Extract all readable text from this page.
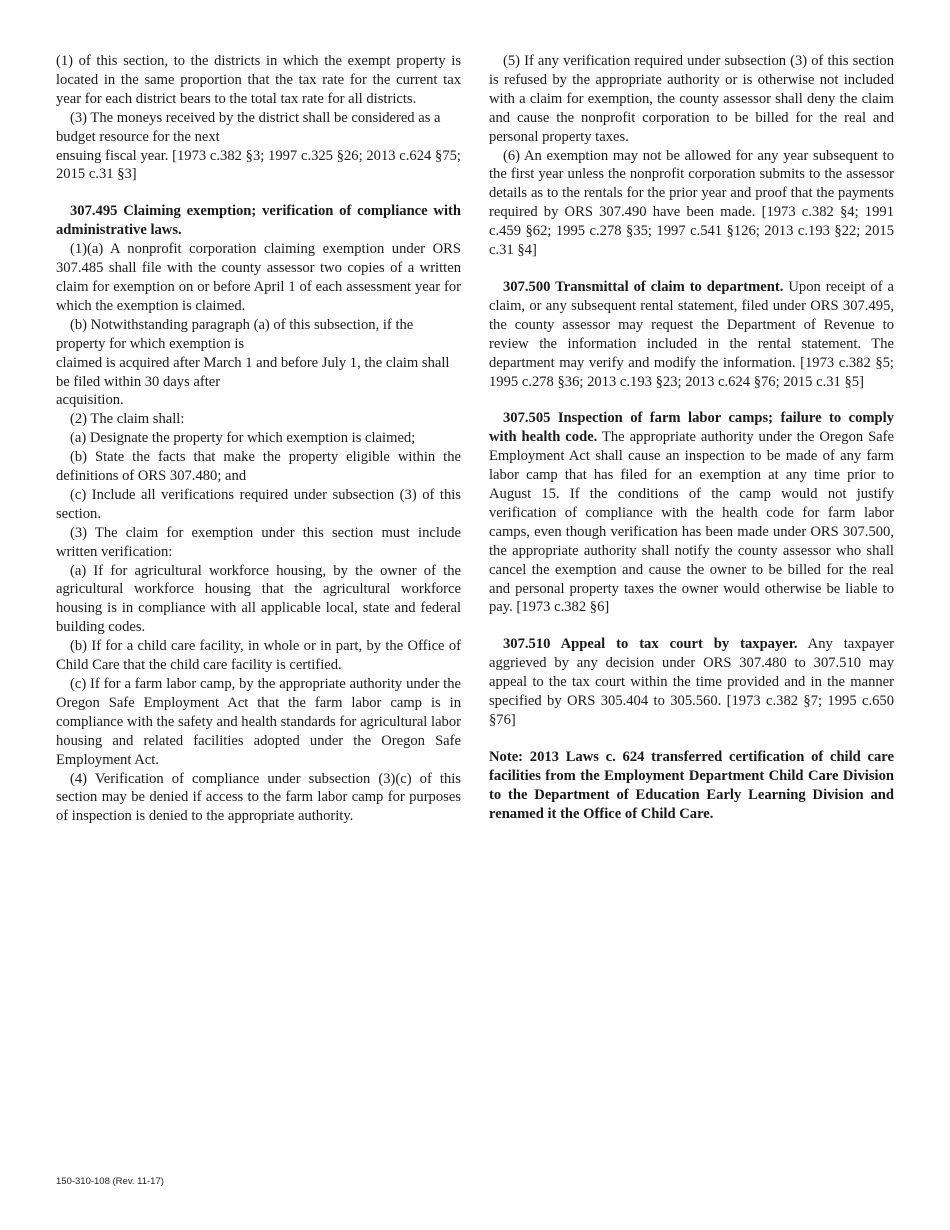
(1) of this section, to the districts in which the exempt property is located in the same proportion that the tax rate for the current tax year for each district bears to the total tax rate for all districts.

(3) The moneys received by the district shall be considered as a budget resource for the next

ensuing fiscal year. [1973 c.382 §3; 1997 c.325 §26; 2013 c.624 §75; 2015 c.31 §3]

307.495 Claiming exemption; verification of compliance with administrative laws.

(1)(a) A nonprofit corporation claiming exemption under ORS 307.485 shall file with the county assessor two copies of a written claim for exemption on or before April 1 of each assessment year for which the exemption is claimed.

(b) Notwithstanding paragraph (a) of this subsection, if the property for which exemption is

claimed is acquired after March 1 and before July 1, the claim shall be filed within 30 days after

acquisition.

(2) The claim shall:

(a) Designate the property for which exemption is claimed;

(b) State the facts that make the property eligible within the definitions of ORS 307.480; and

(c) Include all verifications required under subsection (3) of this section.

(3) The claim for exemption under this section must include written verification:

(a) If for agricultural workforce housing, by the owner of the agricultural workforce housing that the agricultural workforce housing is in compliance with all applicable local, state and federal building codes.

(b) If for a child care facility, in whole or in part, by the Office of Child Care that the child care facility is certified.

(c) If for a farm labor camp, by the appropriate authority under the Oregon Safe Employment Act that the farm labor camp is in compliance with the safety and health standards for agricultural labor housing and related facilities adopted under the Oregon Safe Employment Act.

(4) Verification of compliance under subsection (3)(c) of this section may be denied if access to the farm labor camp for purposes of inspection is denied to the appropriate authority.

(5) If any verification required under subsection (3) of this section is refused by the appropriate authority or is otherwise not included with a claim for exemption, the county assessor shall deny the claim and cause the nonprofit corporation to be billed for the real and personal property taxes.

(6) An exemption may not be allowed for any year subsequent to the first year unless the nonprofit corporation submits to the assessor details as to the rentals for the prior year and proof that the payments required by ORS 307.490 have been made. [1973 c.382 §4; 1991 c.459 §62; 1995 c.278 §35; 1997 c.541 §126; 2013 c.193 §22; 2015 c.31 §4]

307.500 Transmittal of claim to department. Upon receipt of a claim, or any subsequent rental statement, filed under ORS 307.495, the county assessor may request the Department of Revenue to review the information included in the rental statement. The department may verify and modify the information. [1973 c.382 §5; 1995 c.278 §36; 2013 c.193 §23; 2013 c.624 §76; 2015 c.31 §5]

307.505 Inspection of farm labor camps; failure to comply with health code. The appropriate authority under the Oregon Safe Employment Act shall cause an inspection to be made of any farm labor camp that has filed for an exemption at any time prior to August 15. If the conditions of the camp would not justify verification of compliance with the health code for farm labor camps, even though verification has been made under ORS 307.500, the appropriate authority shall notify the county assessor who shall cancel the exemption and cause the owner to be billed for the real and personal property taxes the owner would otherwise be liable to pay. [1973 c.382 §6]

307.510 Appeal to tax court by taxpayer. Any taxpayer aggrieved by any decision under ORS 307.480 to 307.510 may appeal to the tax court within the time provided and in the manner specified by ORS 305.404 to 305.560. [1973 c.382 §7; 1995 c.650 §76]

Note: 2013 Laws c. 624 transferred certification of child care facilities from the Employment Department Child Care Division to the Department of Education Early Learning Division and renamed it the Office of Child Care.

150-310-108 (Rev. 11-17)
